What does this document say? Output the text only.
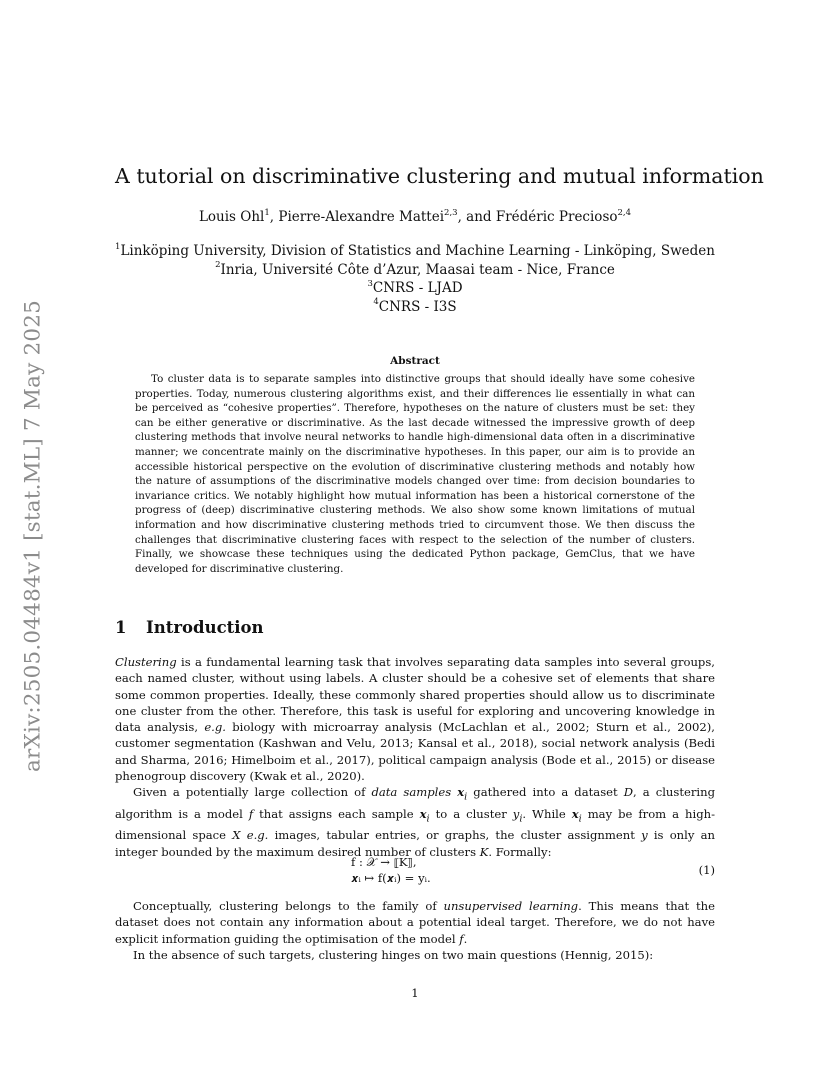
arXiv:2505.04484v1 [stat.ML] 7 May 2025
A tutorial on discriminative clustering and mutual information

Louis Ohl$^1$, Pierre-Alexandre Mattei$^{2,3}$, and Frédéric Precioso$^{2,4}$

$^1$Linköping University, Division of Statistics and Machine Learning - Linköping, Sweden
$^2$Inria, Université Côte d’Azur, Maasai team - Nice, France
$^3$CNRS - LJAD
$^4$CNRS - I3S
Abstract

To cluster data is to separate samples into distinctive groups that should ideally have some cohesive properties. Today, numerous clustering algorithms exist, and their differences lie essentially in what can be perceived as “cohesive properties”. Therefore, hypotheses on the nature of clusters must be set: they can be either generative or discriminative. As the last decade witnessed the impressive growth of deep clustering methods that involve neural networks to handle high-dimensional data often in a discriminative manner; we concentrate mainly on the discriminative hypotheses. In this paper, our aim is to provide an accessible historical perspective on the evolution of discriminative clustering methods and notably how the nature of assumptions of the discriminative models changed over time: from decision boundaries to invariance critics. We notably highlight how mutual information has been a historical cornerstone of the progress of (deep) discriminative clustering methods. We also show some known limitations of mutual information and how discriminative clustering methods tried to circumvent those. We then discuss the challenges that discriminative clustering faces with respect to the selection of the number of clusters. Finally, we showcase these techniques using the dedicated Python package, GemClus, that we have developed for discriminative clustering.

1 Introduction

Clustering is a fundamental learning task that involves separating data samples into several groups, each named cluster, without using labels. A cluster should be a cohesive set of elements that share some common properties. Ideally, these commonly shared properties should allow us to discriminate one cluster from the other. Therefore, this task is useful for exploring and uncovering knowledge in data analysis, e.g. biology with microarray analysis (McLachlan et al., 2002; Sturn et al., 2002), customer segmentation (Kashwan and Velu, 2013; Kansal et al., 2018), social network analysis (Bedi and Sharma, 2016; Himelboim et al., 2017), political campaign analysis (Bode et al., 2015) or disease phenogroup discovery (Kwak et al., 2020).

Given a potentially large collection of data samples $x_i$ gathered into a dataset D, a clustering algorithm is a model f that assigns each sample $x_i$ to a cluster $y_i$. While $x_i$ may be from a high-dimensional space X e.g. images, tabular entries, or graphs, the cluster assignment y is only an integer bounded by the maximum desired number of clusters K. Formally:

f : 𝒳 → ⟦K⟧,
𝒙ᵢ ↦ f(𝒙ᵢ) = yᵢ.
(1)

Conceptually, clustering belongs to the family of unsupervised learning. This means that the dataset does not contain any information about a potential ideal target. Therefore, we do not have explicit information guiding the optimisation of the model f.

In the absence of such targets, clustering hinges on two main questions (Hennig, 2015):

1
